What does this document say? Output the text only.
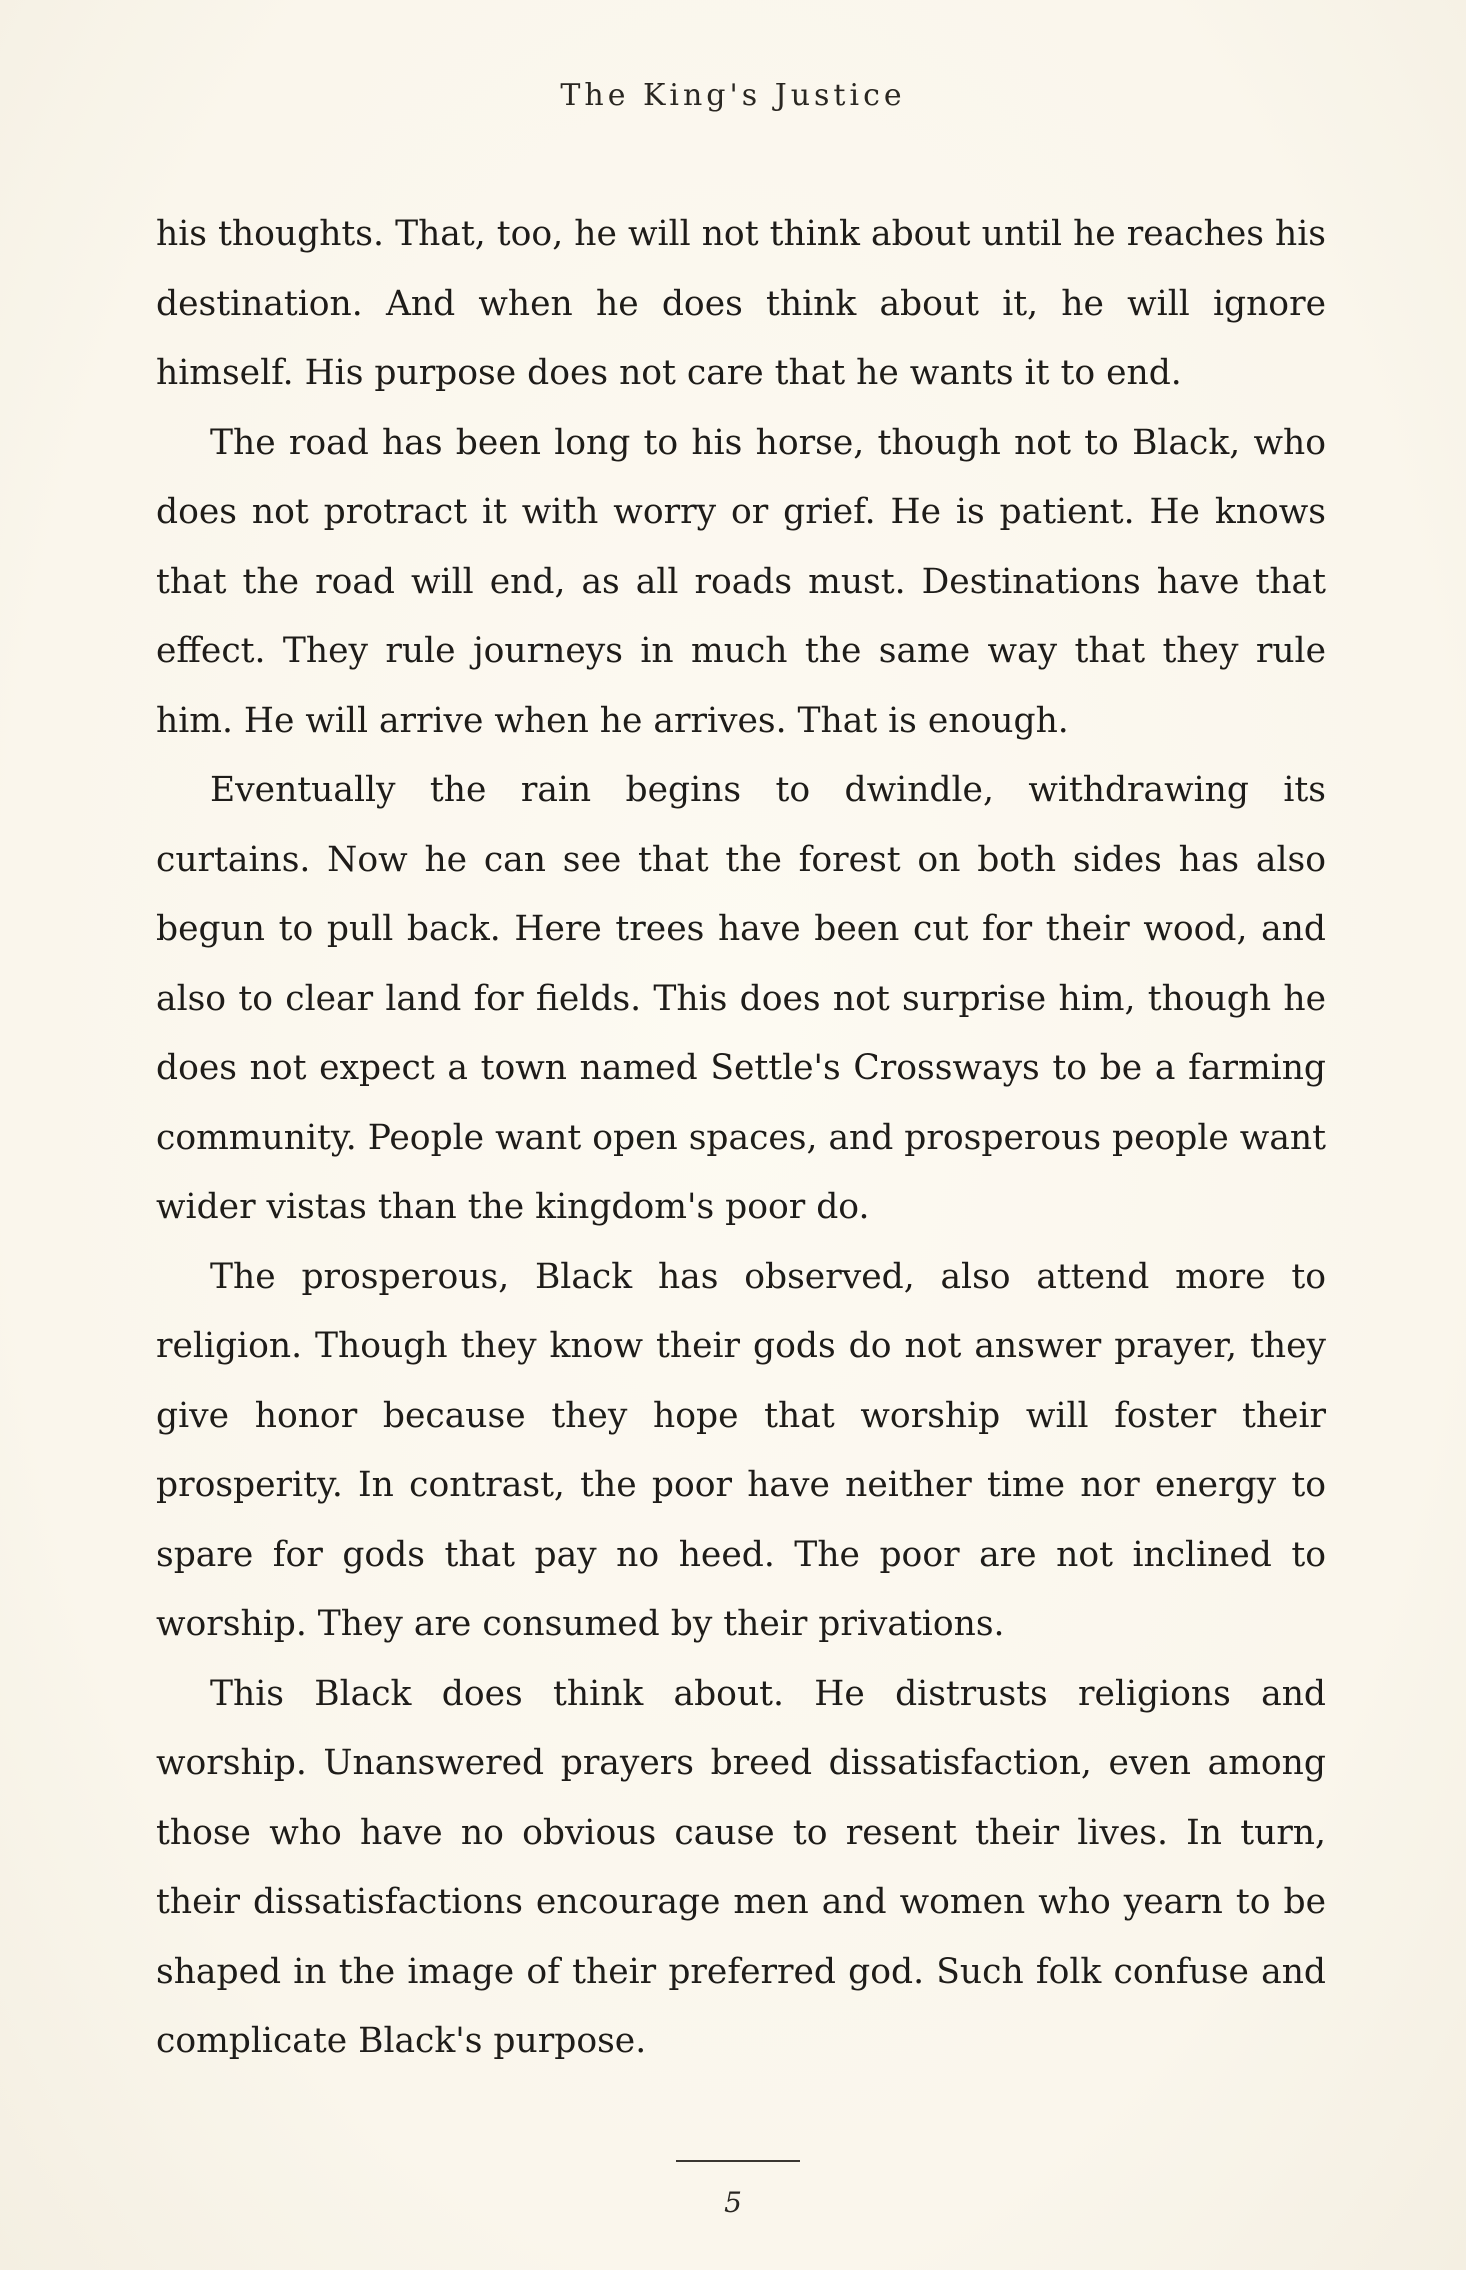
The King's Justice

his thoughts. That, too, he will not think about until he reaches his destination. And when he does think about it, he will ignore himself. His purpose does not care that he wants it to end.

The road has been long to his horse, though not to Black, who does not protract it with worry or grief. He is patient. He knows that the road will end, as all roads must. Destinations have that effect. They rule journeys in much the same way that they rule him. He will arrive when he arrives. That is enough.

Eventually the rain begins to dwindle, withdrawing its curtains. Now he can see that the forest on both sides has also begun to pull back. Here trees have been cut for their wood, and also to clear land for fields. This does not surprise him, though he does not expect a town named Settle's Crossways to be a farming community. People want open spaces, and prosperous people want wider vistas than the kingdom's poor do.

The prosperous, Black has observed, also attend more to religion. Though they know their gods do not answer prayer, they give honor because they hope that worship will foster their prosperity. In contrast, the poor have neither time nor energy to spare for gods that pay no heed. The poor are not inclined to worship. They are consumed by their privations.

This Black does think about. He distrusts religions and worship. Unanswered prayers breed dissatisfaction, even among those who have no obvious cause to resent their lives. In turn, their dissatisfactions encourage men and women who yearn to be shaped in the image of their preferred god. Such folk confuse and complicate Black's purpose.

5
